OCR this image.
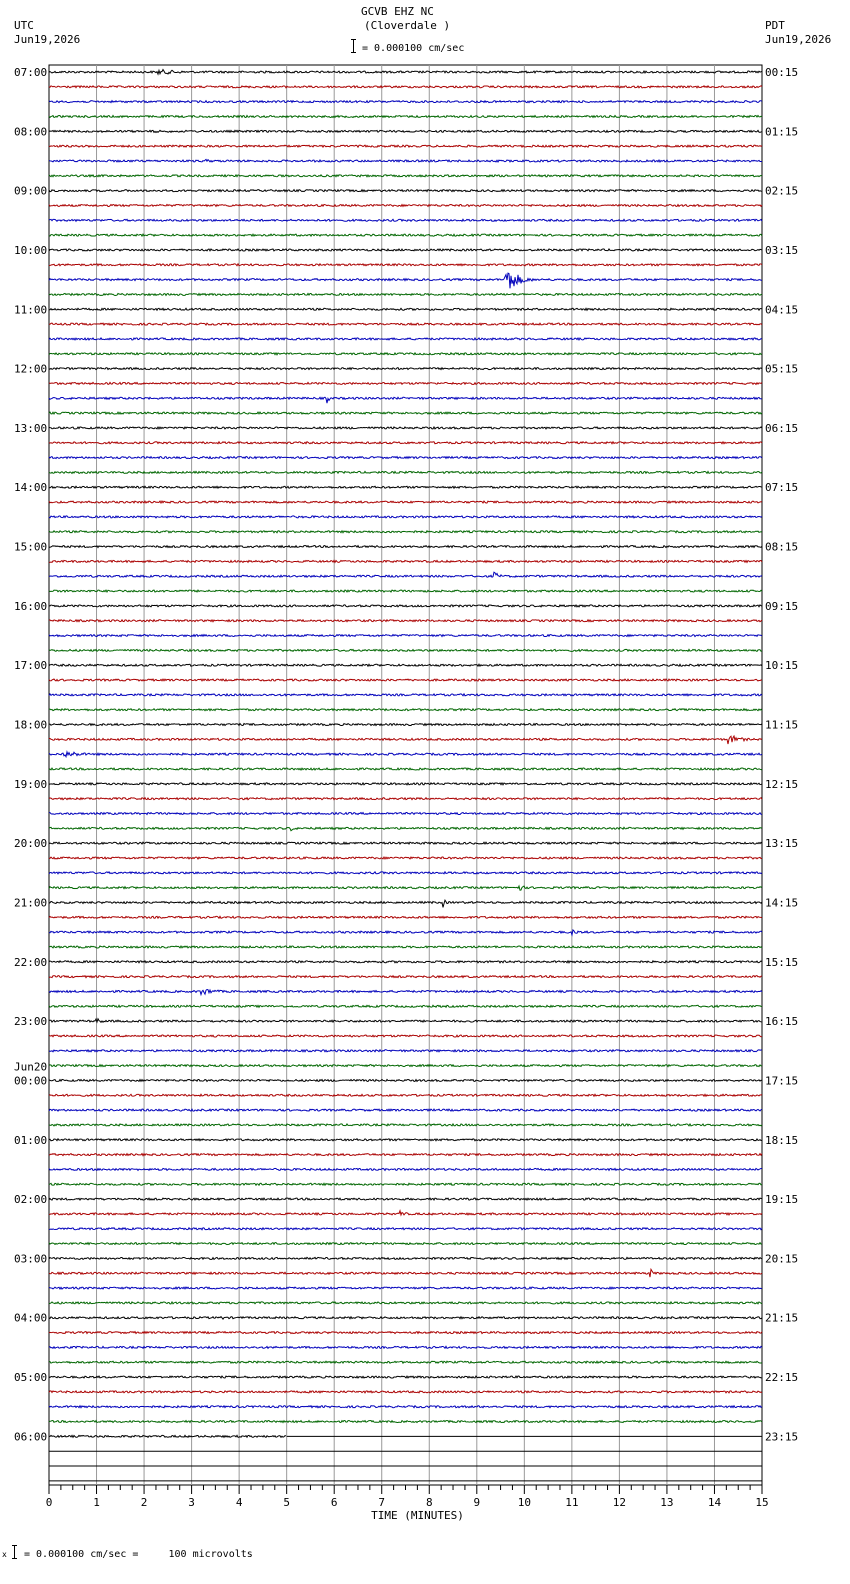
GCVB EHZ NC
(Cloverdale )
= 0.000100 cm/sec
UTC
Jun19,2026
PDT
Jun19,2026
07:00
08:00
09:00
10:00
11:00
12:00
13:00
14:00
15:00
16:00
17:00
18:00
19:00
20:00
21:00
22:00
23:00
Jun20
00:00
01:00
02:00
03:00
04:00
05:00
06:00
00:15
01:15
02:15
03:15
04:15
05:15
06:15
07:15
08:15
09:15
10:15
11:15
12:15
13:15
14:15
15:15
16:15
17:15
18:15
19:15
20:15
21:15
22:15
23:15
0	1	2	3	4	5	6	7	8	9	10	11	12	13	14	15
TIME (MINUTES)
x = 0.000100 cm/sec =     100 microvolts
